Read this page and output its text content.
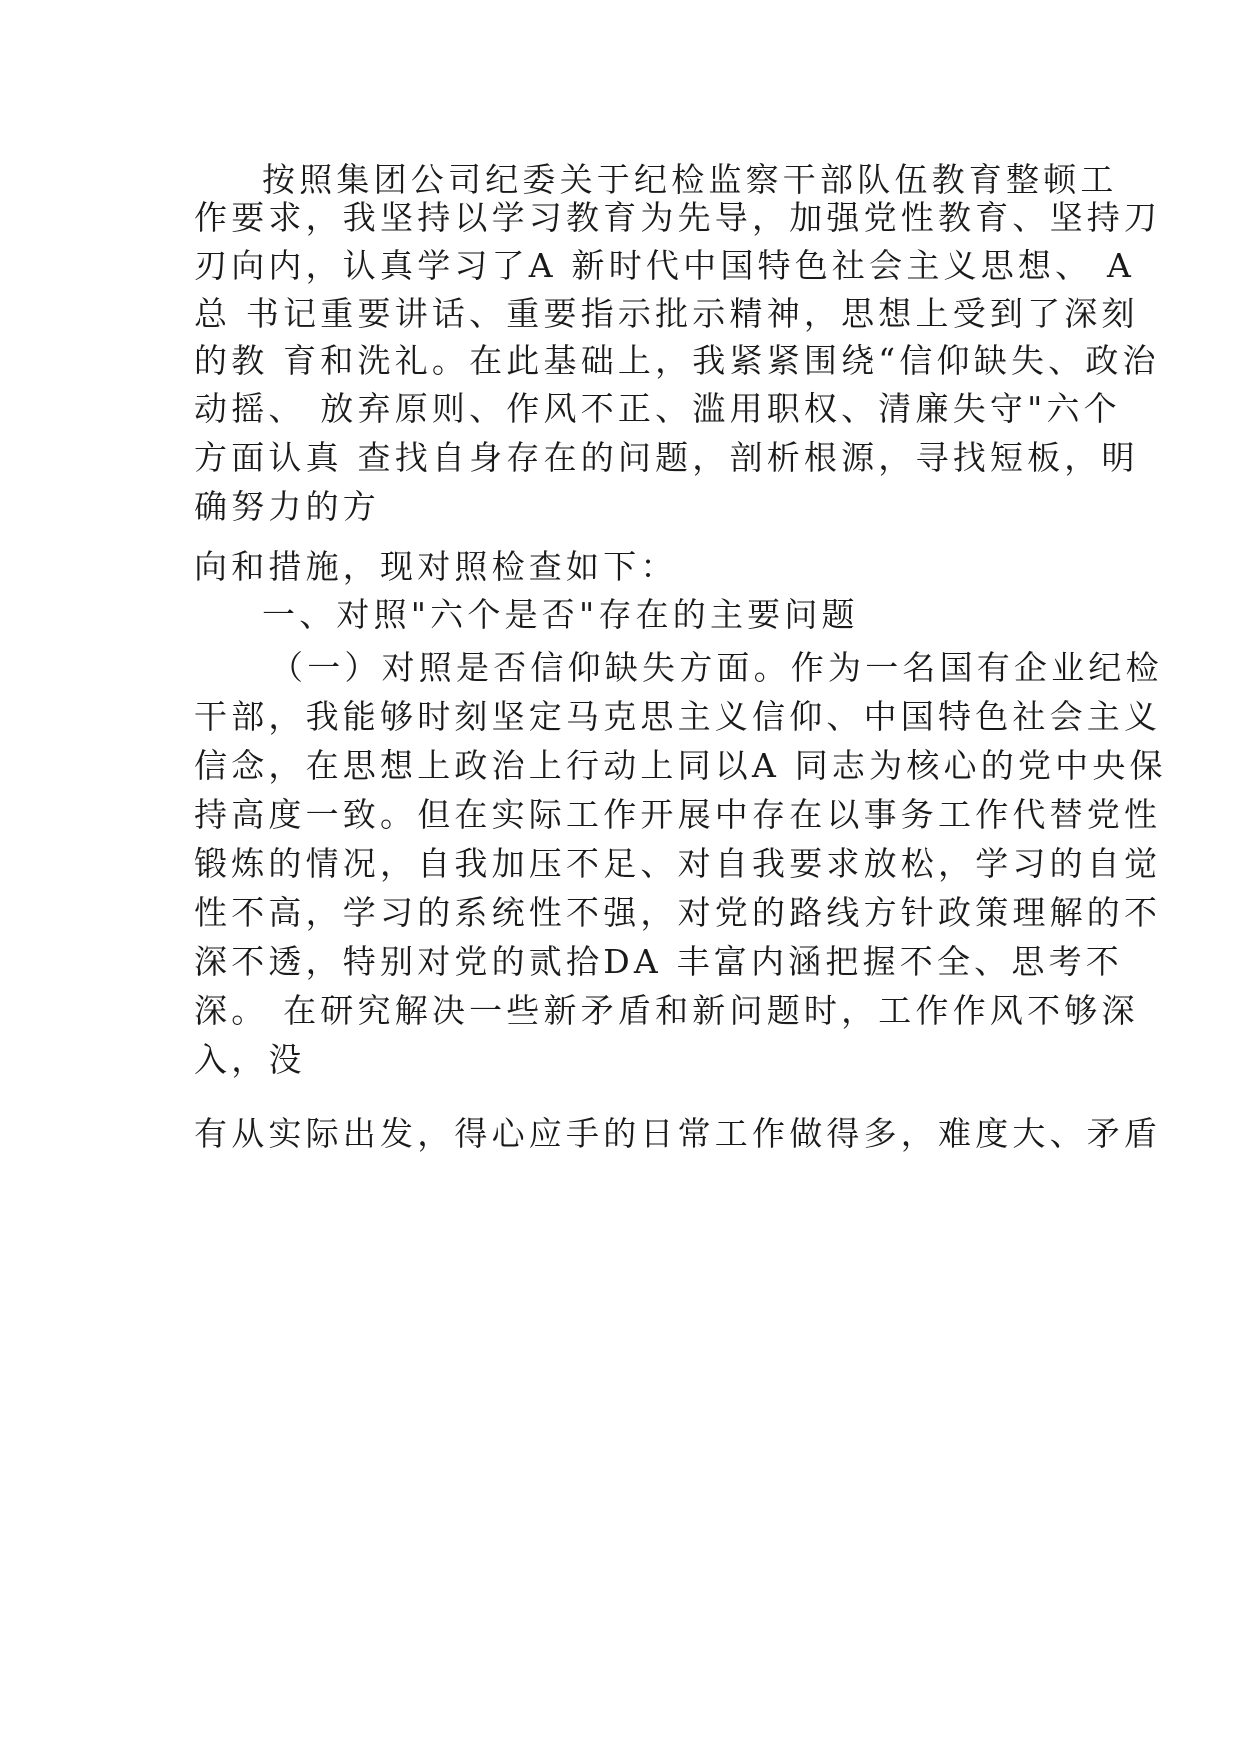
按照集团公司纪委关于纪检监察干部队伍教育整顿工
作要求，我坚持以学习教育为先导，加强党性教育、坚持刀
刃向内，认真学习了A 新时代中国特色社会主义思想、 A
总 书记重要讲话、重要指示批示精神，思想上受到了深刻
的教 育和洗礼。在此基础上，我紧紧围绕“信仰缺失、政治
动摇、 放弃原则、作风不正、滥用职权、清廉失守"六个
方面认真 查找自身存在的问题，剖析根源，寻找短板，明
确努力的方
向和措施，现对照检查如下：
一、对照"六个是否"存在的主要问题
（一）对照是否信仰缺失方面。作为一名国有企业纪检
干部，我能够时刻坚定马克思主义信仰、中国特色社会主义
信念，在思想上政治上行动上同以A 同志为核心的党中央保
持高度一致。但在实际工作开展中存在以事务工作代替党性
锻炼的情况，自我加压不足、对自我要求放松，学习的自觉
性不高，学习的系统性不强，对党的路线方针政策理解的不
深不透，特别对党的贰拾DA 丰富内涵把握不全、思考不
深。 在研究解决一些新矛盾和新问题时，工作作风不够深
入，没
有从实际出发，得心应手的日常工作做得多，难度大、矛盾
